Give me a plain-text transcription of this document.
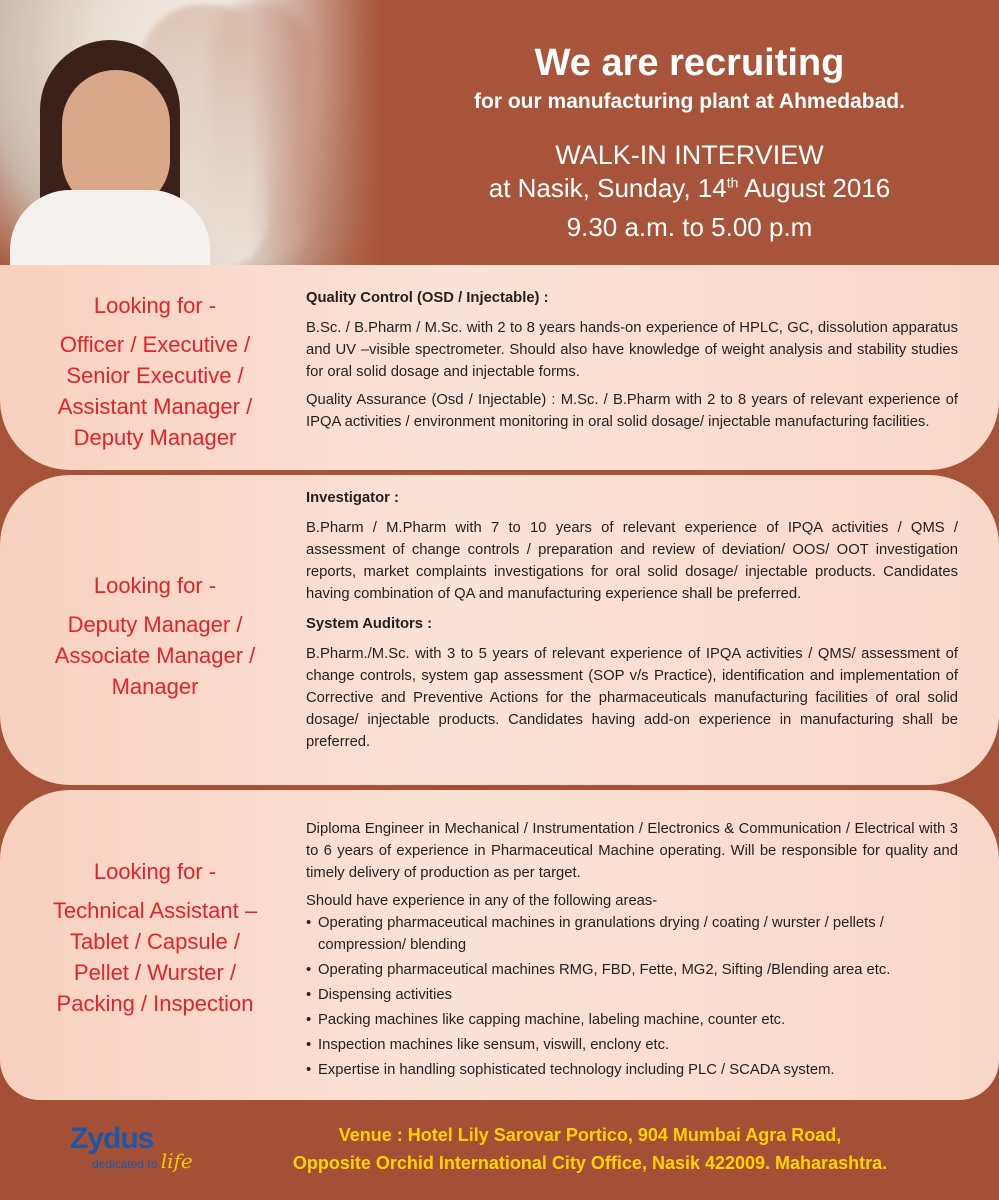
We are recruiting
for our manufacturing plant at Ahmedabad.
WALK-IN INTERVIEW
at Nasik, Sunday, 14th August 2016
9.30 a.m. to 5.00 p.m
Looking for -
Officer / Executive /
Senior Executive /
Assistant Manager /
Deputy Manager
Quality Control (OSD / Injectable) :

B.Sc. / B.Pharm / M.Sc. with 2 to 8 years hands-on experience of HPLC, GC, dissolution apparatus and UV –visible spectrometer. Should also have knowledge of weight analysis and stability studies for oral solid dosage and injectable forms.

Quality Assurance (Osd / Injectable) : M.Sc. / B.Pharm with 2 to 8 years of relevant experience of IPQA activities / environment monitoring in oral solid dosage/ injectable manufacturing facilities.

Looking for -
Deputy Manager /
Associate Manager /
Manager
Investigator :

B.Pharm / M.Pharm with 7 to 10 years of relevant experience of IPQA activities / QMS / assessment of change controls / preparation and review of deviation/ OOS/ OOT investigation reports, market complaints investigations for oral solid dosage/ injectable products. Candidates having combination of QA and manufacturing experience shall be preferred.

System Auditors :

B.Pharm./M.Sc. with 3 to 5 years of relevant experience of IPQA activities / QMS/ assessment of change controls, system gap assessment (SOP v/s Practice), identification and implementation of Corrective and Preventive Actions for the pharmaceuticals manufacturing facilities of oral solid dosage/ injectable products. Candidates having add-on experience in manufacturing shall be preferred.

Looking for -
Technical Assistant –
Tablet / Capsule /
Pellet / Wurster /
Packing / Inspection

Diploma Engineer in Mechanical / Instrumentation / Electronics & Communication / Electrical with 3 to 6 years of experience in Pharmaceutical Machine operating. Will be responsible for quality and timely delivery of production as per target.

Should have experience in any of the following areas-

• Operating pharmaceutical machines in granulations drying / coating / wurster / pellets / compression/ blending
• Operating pharmaceutical machines RMG, FBD, Fette, MG2, Sifting /Blending area etc.
• Dispensing activities
• Packing machines like capping machine, labeling machine, counter etc.
• Inspection machines like sensum, viswill, enclony etc.
• Expertise in handling sophisticated technology including PLC / SCADA system.
Zydus
dedicated to life
Venue : Hotel Lily Sarovar Portico, 904 Mumbai Agra Road,
Opposite Orchid International City Office, Nasik 422009. Maharashtra.
